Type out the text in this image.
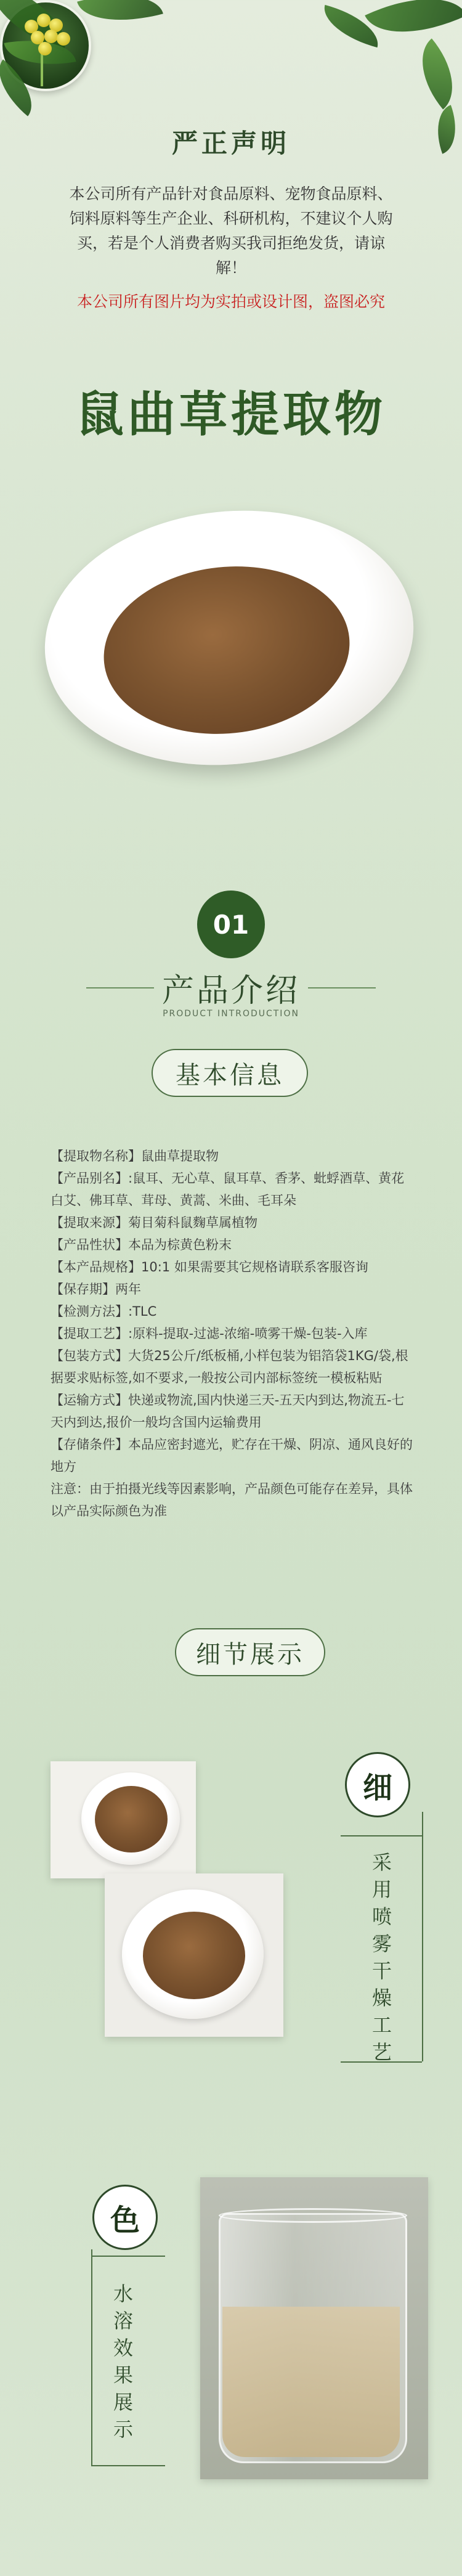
严正声明
本公司所有产品针对食品原料、宠物食品原料、饲料原料等生产企业、科研机构，不建议个人购买，若是个人消费者购买我司拒绝发货，请谅解！
本公司所有图片均为实拍或设计图，盗图必究
鼠曲草提取物
01
产品介绍
PRODUCT INTRODUCTION
基本信息
【提取物名称】鼠曲草提取物
【产品别名】:鼠耳、无心草、鼠耳草、香茅、蚍蜉酒草、黄花白艾、佛耳草、茸母、黄蒿、米曲、毛耳朵
【提取来源】菊目菊科鼠麴草属植物
【产品性状】本品为棕黄色粉末
【本产品规格】10:1 如果需要其它规格请联系客服咨询
【保存期】两年
【检测方法】:TLC
【提取工艺】:原料-提取-过滤-浓缩-喷雾干燥-包装-入库
【包装方式】大货25公斤/纸板桶,小样包装为铝箔袋1KG/袋,根据要求贴标签,如不要求,一般按公司内部标签统一模板粘贴
【运输方式】快递或物流,国内快递三天-五天内到达,物流五-七天内到达,报价一般均含国内运输费用
【存储条件】本品应密封遮光，贮存在干燥、阴凉、通风良好的地方
注意：由于拍摄光线等因素影响，产品颜色可能存在差异，具体以产品实际颜色为准
细节展示
细
采用喷雾干燥工艺
色
水溶效果展示
